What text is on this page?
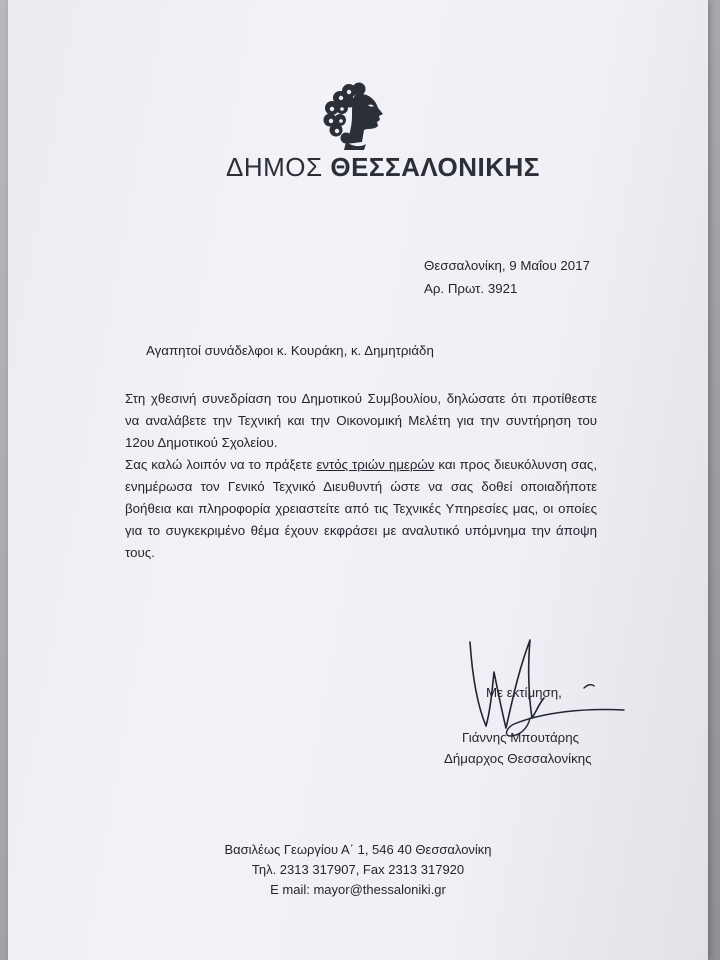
ΔΗΜΟΣ ΘΕΣΣΑΛΟΝΙΚΗΣ
Θεσσαλονίκη, 9 Μαΐου 2017
Αρ. Πρωτ. 3921
Αγαπητοί συνάδελφοι κ. Κουράκη, κ. Δημητριάδη

Στη χθεσινή συνεδρίαση του Δημοτικού Συμβουλίου, δηλώσατε ότι προτίθεστε να αναλάβετε την Τεχνική και την Οικονομική Μελέτη για την συντήρηση του 12ου Δημοτικού Σχολείου.

Σας καλώ λοιπόν να το πράξετε εντός τριών ημερών και προς διευκόλυνση σας, ενημέρωσα τον Γενικό Τεχνικό Διευθυντή ώστε να σας δοθεί οποιαδήποτε βοήθεια και πληροφορία χρειαστείτε από τις Τεχνικές Υπηρεσίες μας, οι οποίες για το συγκεκριμένο θέμα έχουν εκφράσει με αναλυτικό υπόμνημα την άποψη τους.

Με εκτίμηση,
Γιάννης Μπουτάρης
Δήμαρχος Θεσσαλονίκης
Βασιλέως Γεωργίου Α΄ 1, 546 40 Θεσσαλονίκη
Τηλ. 2313 317907, Fax 2313 317920
E mail: mayor@thessaloniki.gr
